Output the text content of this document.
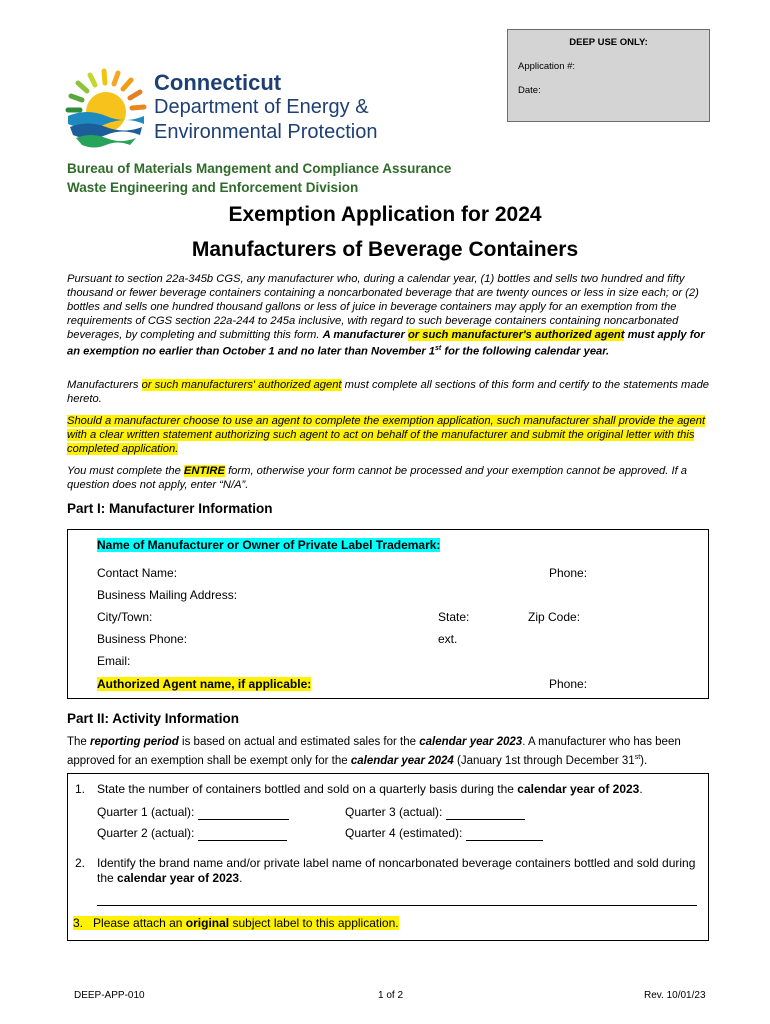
DEEP USE ONLY:
Application #:
Date:
Connecticut
Department of Energy &
Environmental Protection
Bureau of Materials Mangement and Compliance Assurance
Waste Engineering and Enforcement Division
Exemption Application for 2024
Manufacturers of Beverage Containers
Pursuant to section 22a-345b CGS, any manufacturer who, during a calendar year, (1) bottles and sells two hundred and fifty thousand or fewer beverage containers containing a noncarbonated beverage that are twenty ounces or less in size each; or (2) bottles and sells one hundred thousand gallons or less of juice in beverage containers may apply for an exemption from the requirements of CGS section 22a-244 to 245a inclusive, with regard to such beverage containers containing noncarbonated beverages, by completing and submitting this form. A manufacturer or such manufacturer's authorized agent must apply for an exemption no earlier than October 1 and no later than November 1st for the following calendar year.
Manufacturers or such manufacturers' authorized agent must complete all sections of this form and certify to the statements made hereto.
Should a manufacturer choose to use an agent to complete the exemption application, such manufacturer shall provide the agent with a clear written statement authorizing such agent to act on behalf of the manufacturer and submit the original letter with this completed application.
You must complete the ENTIRE form, otherwise your form cannot be processed and your exemption cannot be approved. If a question does not apply, enter “N/A”.
Part I: Manufacturer Information
Name of Manufacturer or Owner of Private Label Trademark:
Contact Name:	Phone:
Business Mailing Address:
City/Town:	State:	Zip Code:
Business Phone:	ext.
Email:
Authorized Agent name, if applicable:	Phone:
Part II: Activity Information
The reporting period is based on actual and estimated sales for the calendar year 2023. A manufacturer who has been approved for an exemption shall be exempt only for the calendar year 2024 (January 1st through December 31st).
1. State the number of containers bottled and sold on a quarterly basis during the calendar year of 2023.
Quarter 1 (actual):	Quarter 3 (actual):
Quarter 2 (actual):	Quarter 4 (estimated):
2. Identify the brand name and/or private label name of noncarbonated beverage containers bottled and sold during the calendar year of 2023.
3. Please attach an original subject label to this application.
DEEP-APP-010	1 of 2	Rev. 10/01/23
